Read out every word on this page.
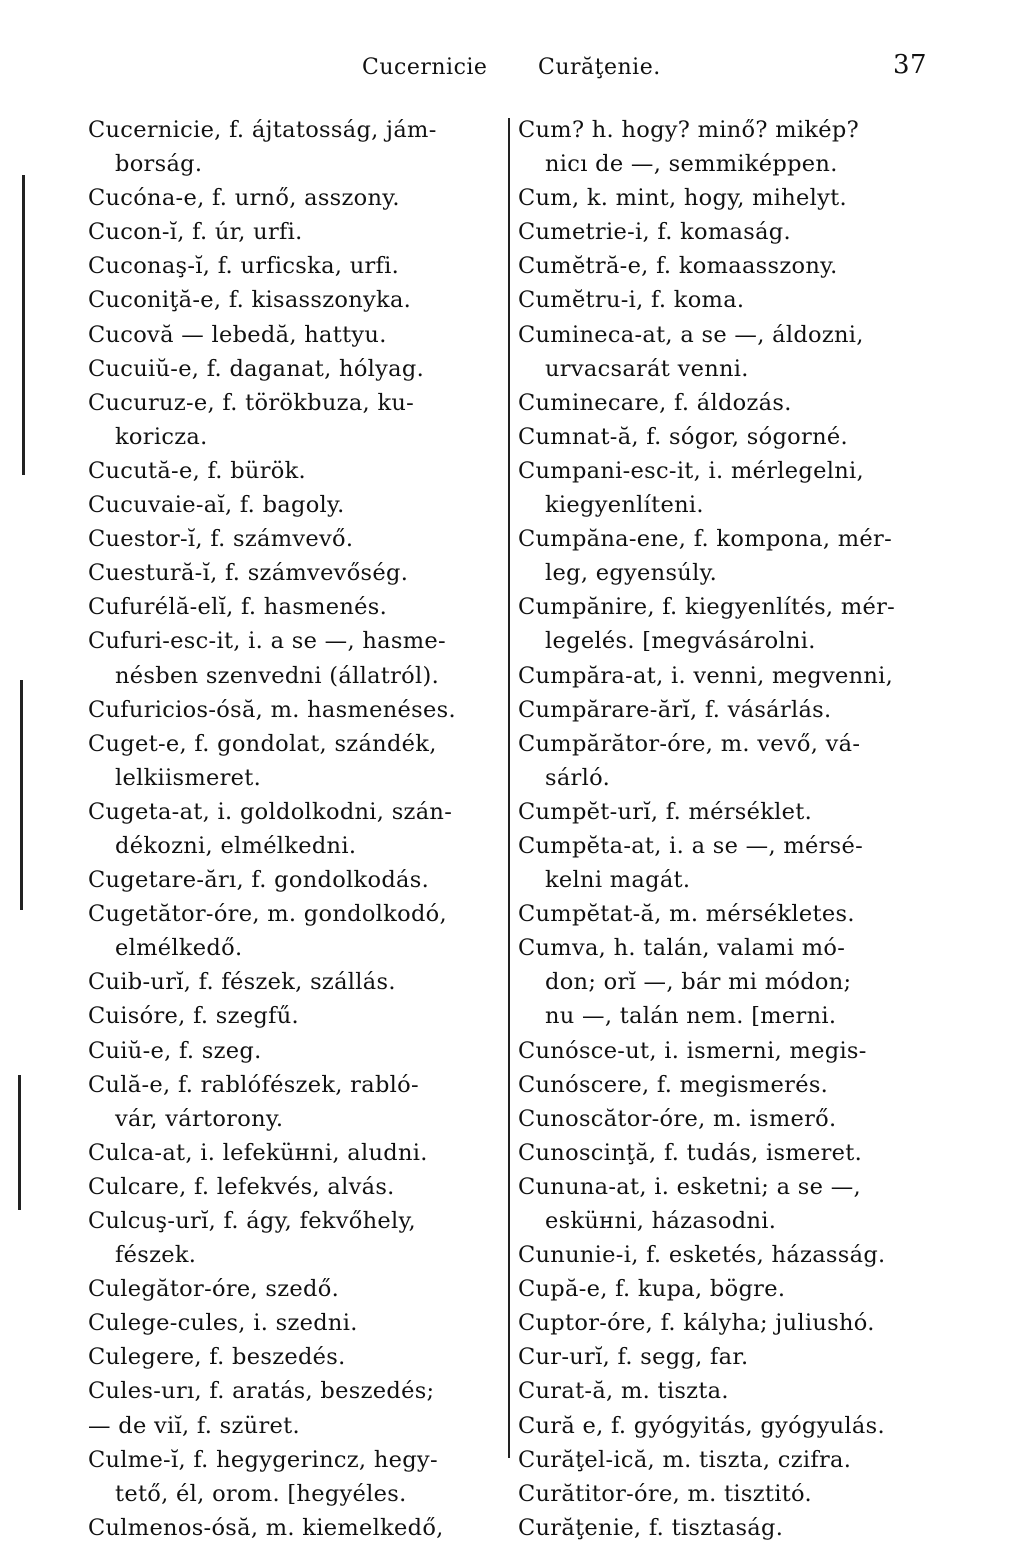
Cucernicie Curăţenie.	37
Cucernicie, f. ájtatosság, jám-
borság.
Cucóna-e, f. urnő, asszony.
Cucon-ĭ, f. úr, urfi.
Cuconaş-ĭ, f. urficska, urfi.
Cuconiţă-e, f. kisasszonyka.
Cucovă — lebedă, hattyu.
Cucuiŭ-e, f. daganat, hólyag.
Cucuruz-e, f. törökbuza, ku-
koricza.
Cucută-e, f. bürök.
Cucuvaie-aĭ, f. bagoly.
Cuestor-ĭ, f. számvevő.
Cuestură-ĭ, f. számvevőség.
Cufurélă-elĭ, f. hasmenés.
Cufuri-esc-it, i. a se —, hasme-
nésben szenvedni (állatról).
Cufuricios-ósă, m. hasmenéses.
Cuget-e, f. gondolat, szándék,
lelkiismeret.
Cugeta-at, i. goldolkodni, szán-
dékozni, elmélkedni.
Cugetare-ărı, f. gondolkodás.
Cugetător-óre, m. gondolkodó,
elmélkedő.
Cuib-urĭ, f. fészek, szállás.
Cuisóre, f. szegfű.
Cuiŭ-e, f. szeg.
Culă-e, f. rablófészek, rabló-
vár, vártorony.
Culca-at, i. lefeküнni, aludni.
Culcare, f. lefekvés, alvás.
Culcuş-urĭ, f. ágy, fekvőhely,
fészek.
Culegător-óre, szedő.
Culege-cules, i. szedni.
Culegere, f. beszedés.
Cules-urı, f. aratás, beszedés;
— de viĭ, f. szüret.
Culme-ĭ, f. hegygerincz, hegy-
tető, él, orom. [hegyéles.
Culmenos-ósă, m. kiemelkedő,
Cum? h. hogy? minő? mikép?
nicı de —, semmiképpen.
Cum, k. mint, hogy, mihelyt.
Cumetrie-i, f. komaság.
Cumĕtră-e, f. komaasszony.
Cumĕtru-i, f. koma.
Cumineca-at, a se —, áldozni,
urvacsarát venni.
Cuminecare, f. áldozás.
Cumnat-ă, f. sógor, sógorné.
Cumpani-esc-it, i. mérlegelni,
kiegyenlíteni.
Cumpăna-ene, f. kompona, mér-
leg, egyensúly.
Cumpănire, f. kiegyenlítés, mér-
legelés. [megvásárolni.
Cumpăra-at, i. venni, megvenni,
Cumpărare-ărĭ, f. vásárlás.
Cumpărător-óre, m. vevő, vá-
sárló.
Cumpĕt-urĭ, f. mérséklet.
Cumpĕta-at, i. a se —, mérsé-
kelni magát.
Cumpĕtat-ă, m. mérsékletes.
Cumva, h. talán, valami mó-
don; orĭ —, bár mi módon;
nu —, talán nem. [merni.
Cunósce-ut, i. ismerni, megis-
Cunóscere, f. megismerés.
Cunoscător-óre, m. ismerő.
Cunoscinţă, f. tudás, ismeret.
Cununa-at, i. esketni; a se —,
esküнni, házasodni.
Cununie-i, f. esketés, házasság.
Cupă-e, f. kupa, bögre.
Cuptor-óre, f. kályha; juliushó.
Cur-urĭ, f. segg, far.
Curat-ă, m. tiszta.
Cură e, f. gyógyitás, gyógyulás.
Curăţel-ică, m. tiszta, czifra.
Curătitor-óre, m. tisztitó.
Curăţenie, f. tisztaság.
